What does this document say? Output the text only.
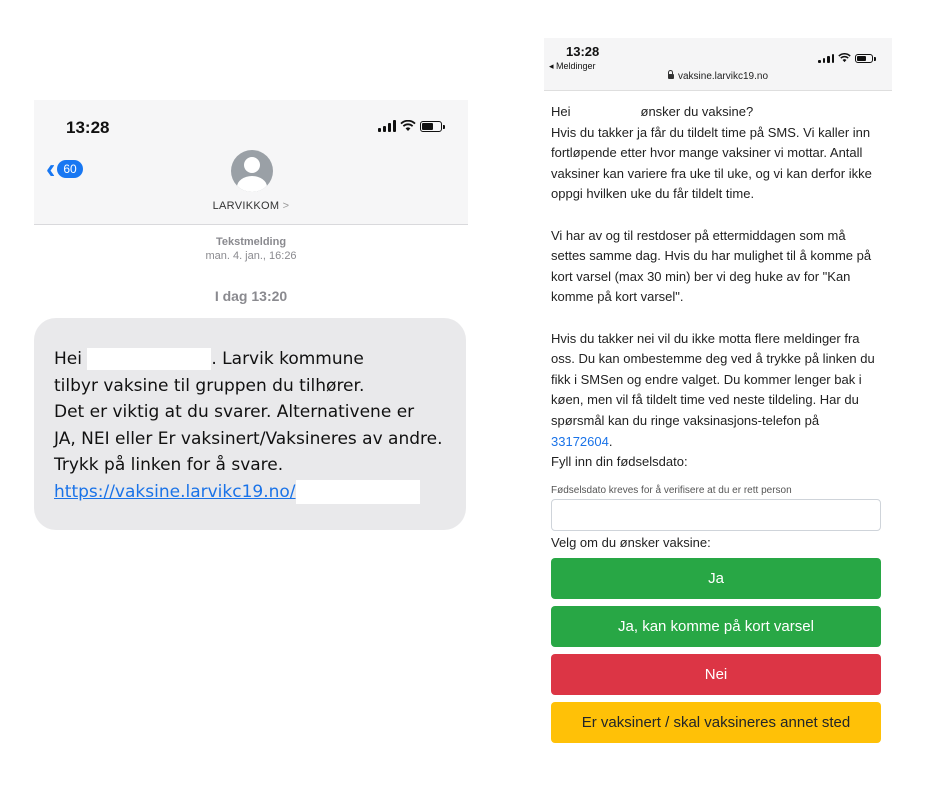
13:28
‹ 60
LARVIKKOM >
Tekstmelding
man. 4. jan., 16:26
I dag 13:20
Hei	. Larvik kommune
tilbyr vaksine til gruppen du tilhører.
Det er viktig at du svarer. Alternativene er
JA, NEI eller Er vaksinert/Vaksineres av andre.
Trykk på linken for å svare.
https://vaksine.larvikc19.no/
13:28
◂ Meldinger
vaksine.larvikc19.no

Hei	ønsker du vaksine?

Hvis du takker ja får du tildelt time på SMS. Vi kaller inn fortløpende etter hvor mange vaksiner vi mottar. Antall vaksiner kan variere fra uke til uke, og vi kan derfor ikke oppgi hvilken uke du får tildelt time.

Vi har av og til restdoser på ettermiddagen som må settes samme dag. Hvis du har mulighet til å komme på kort varsel (max 30 min) ber vi deg huke av for "Kan komme på kort varsel".

Hvis du takker nei vil du ikke motta flere meldinger fra oss. Du kan ombestemme deg ved å trykke på linken du fikk i SMSen og endre valget. Du kommer lenger bak i køen, men vil få tildelt time ved neste tildeling. Har du spørsmål kan du ringe vaksinasjons-telefon på 33172604.

Fyll inn din fødselsdato:

Fødselsdato kreves for å verifisere at du er rett person
Velg om du ønsker vaksine:
Ja
Ja, kan komme på kort varsel
Nei
Er vaksinert / skal vaksineres annet sted
